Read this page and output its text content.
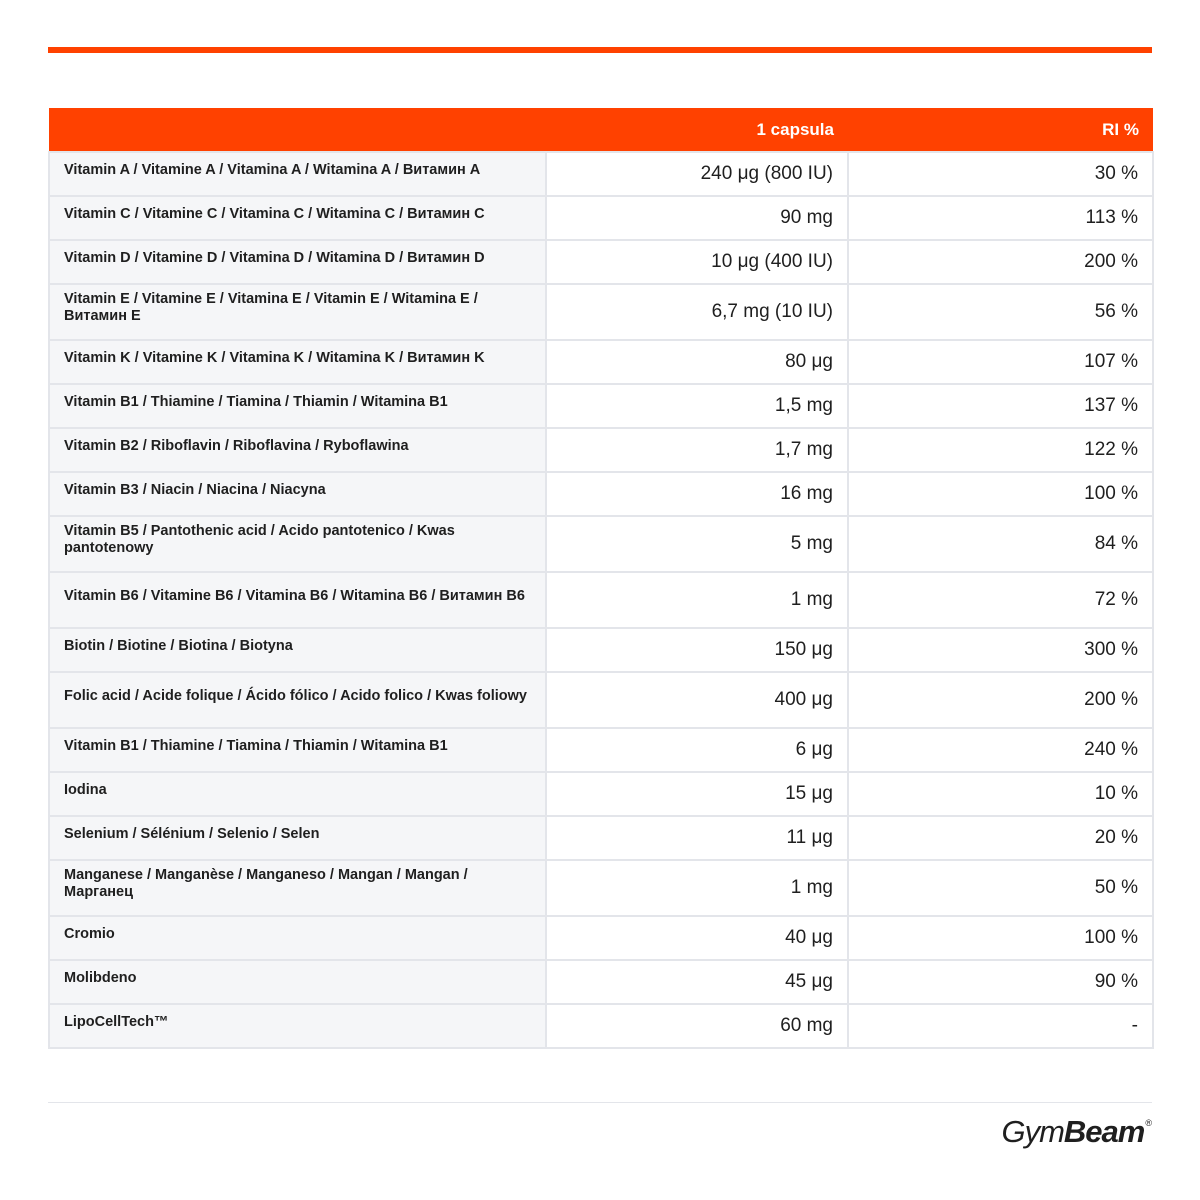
	1 capsula	RI %

Vitamin A / Vitamine A / Vitamina A / Witamina A / Витамин A	240 μg (800 IU)	30 %

Vitamin C / Vitamine C / Vitamina C / Witamina C / Витамин C	90 mg	113 %

Vitamin D / Vitamine D / Vitamina D / Witamina D / Витамин D	10 μg (400 IU)	200 %

Vitamin E / Vitamine E / Vitamina E / Vitamin E / Witamina E / Витамин E	6,7 mg (10 IU)	56 %

Vitamin K / Vitamine K / Vitamina K / Witamina K / Витамин K	80 μg	107 %

Vitamin B1 / Thiamine / Tiamina / Thiamin / Witamina B1	1,5 mg	137 %

Vitamin B2 / Riboflavin / Riboflavina / Ryboflawina	1,7 mg	122 %

Vitamin B3 / Niacin / Niacina / Niacyna	16 mg	100 %

Vitamin B5 / Pantothenic acid / Acido pantotenico / Kwas pantotenowy	5 mg	84 %

Vitamin B6 / Vitamine B6 / Vitamina B6 / Witamina B6 / Витамин B6	1 mg	72 %

Biotin / Biotine / Biotina / Biotyna	150 μg	300 %

Folic acid / Acide folique / Ácido fólico / Acido folico / Kwas foliowy	400 μg	200 %

Vitamin B1 / Thiamine / Tiamina / Thiamin / Witamina B1	6 μg	240 %

Iodina	15 μg	10 %

Selenium / Sélénium / Selenio / Selen	11 μg	20 %

Manganese / Manganèse / Manganeso / Mangan / Mangan / Марганец	1 mg	50 %

Cromio	40 μg	100 %

Molibdeno	45 μg	90 %

LipoCellTech™	60 mg	-
Gym Beam ®
